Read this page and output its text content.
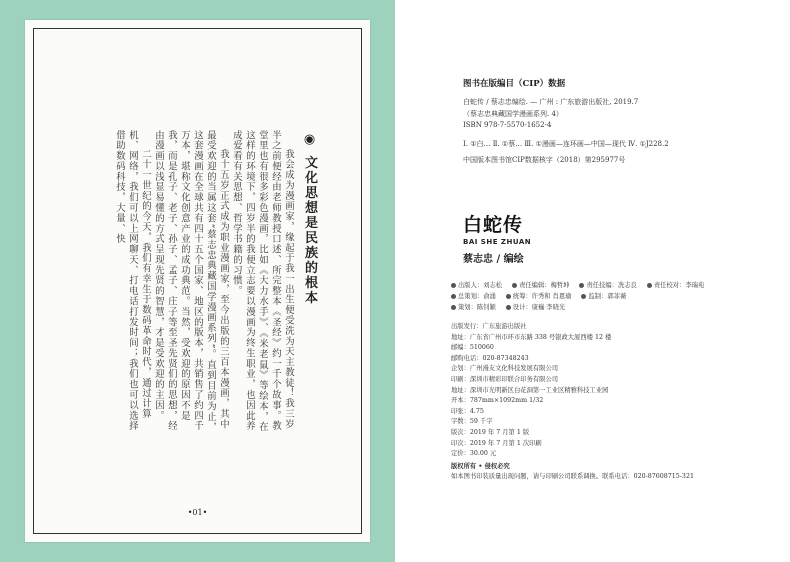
◉ 文化思想是民族的根本

我会成为漫画家，缘起于我一出生便受洗为天主教徒！我三岁半之前便经由老师教授口述、所完整本《圣经》约一千个故事。教堂里也有很多彩色漫画，比如《大力水手》、《米老鼠》等绘本，在这样的环境下，四岁半的我便立志要以漫画为终生职业，也因此养成爱看有关思想、哲学书籍的习惯。

我十五岁正式成为职业漫画家，至今出版的三百本漫画，其中最受欢迎的当属这套“蔡志忠典藏国学漫画系列”。直到目前为止，这套漫画在全球共有四十五个国家、地区的版本，共销售了约四千万本，堪称文化创意产业的成功典范。当然，受欢迎的原因不是我，而是孔子、老子、孙子、孟子、庄子等至圣先贤们的思想，经由漫画以浅显易懂的方式呈现先贤的智慧，才是受欢迎的主因。

二十一世纪的今天，我们有幸生于数码革命时代，通过计算机、网络，我们可以上网聊天、打电话打发时间；我们也可以选择借助数码科技，大量、快

•01•
图书在版编目（CIP）数据
白蛇传 / 蔡志忠编绘. — 广州 : 广东旅游出版社, 2019.7
（蔡志忠典藏国学漫画系列. 4）
ISBN 978-7-5570-1652-4
Ⅰ. ①白… Ⅱ. ①蔡… Ⅲ. ①漫画—连环画—中国—现代 Ⅳ. ①J228.2
中国版本图书馆CIP数据核字（2018）第295977号
白蛇传
BAI SHE ZHUAN
蔡志忠 / 编绘
出版人：刘志松	责任编辑：梅哲坤	责任技编：冼志良	责任校对：李瑞苑
总策划：俞涌	统筹：许秀和 肖恩瑜	监制：郭菲薇
策划：陈钊颖	设计：康巍 李晓光
出版发行：广东旅游出版社
地址：广东省广州市环市东路 338 号银政大厦西楼 12 楼
邮编：510060
邮购电话：020-87348243
企划：广州漫友文化科技发展有限公司
印刷：深圳市精彩印联合印务有限公司
地址：深圳市光明新区白花洞第一工业区精雅科技工业园
开本：787mm×1092mm 1/32
印张：4.75
字数：59 千字
版次：2019 年 7 月第 1 版
印次：2019 年 7 月第 1 次印刷
定价：30.00 元
版权所有 • 侵权必究
如本图书印装质量出现问题，请与印刷公司联系调换。联系电话：020-87608715-321
